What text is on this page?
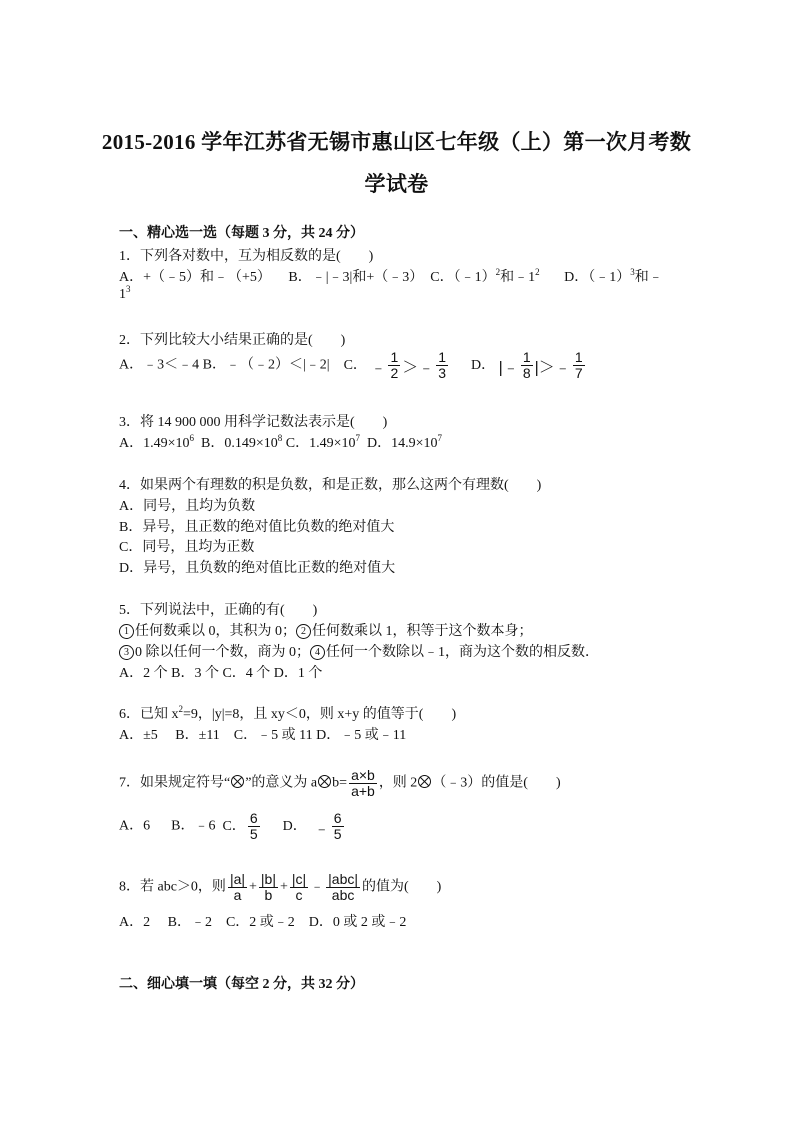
2015-2016 学年江苏省无锡市惠山区七年级（上）第一次月考数
学试卷
一、精心选一选（每题 3 分，共 24 分）
1．下列各对数中，互为相反数的是(　　)
A．+（﹣5）和﹣（+5） B．﹣|﹣3|和+（﹣3） C．（﹣1）$^2$和$﹣1^2$ D．（﹣1）$^3$和﹣
$1^3$
2．下列比较大小结果正确的是(　　)
A．﹣3＜﹣4 B．﹣（﹣2）＜|﹣2| C． ﹣ $\frac{1}{2}$ ＞﹣ $\frac{1}{3}$ D． |﹣ $\frac{1}{8}$ |＞﹣ $\frac{1}{7}$
3．将 14 900 000 用科学记数法表示是(　　)
A．$1.49\times 10^6$ B．$0.149\times 10^8$ C．$1.49\times 10^7$ D．$14.9\times 10^7$
4．如果两个有理数的积是负数，和是正数，那么这两个有理数(　　)
A．同号，且均为负数
B．异号，且正数的绝对值比负数的绝对值大
C．同号，且均为正数
D．异号，且负数的绝对值比正数的绝对值大
5．下列说法中，正确的有(　　)
1 任何数乘以 0，其积为 0； 2 任何数乘以 1，积等于这个数本身；
3 0 除以任何一个数，商为 0； 4 任何一个数除以﹣1，商为这个数的相反数．
A．2 个 B．3 个 C．4 个 D．1 个
6．已知 $x^2=9$，|y|=8，且 xy＜0，则 x+y 的值等于(　　)
A．±5　 B．±11　C．﹣5 或 11 D．﹣5 或﹣11
7．如果规定符号“ ”的意义为 a $b= \frac{a\times b}{a+b}$ ，则 2 （﹣3）的值是(　　)
A．6 B．﹣6 C． $\frac{6}{5}$ D． ﹣ $\frac{6}{5}$
8．若 abc＞0，则 $\frac{|a|}{a} + \frac{|b|}{b} + \frac{|c|}{c}$ ﹣ $\frac{\text{|abc|}}{\text{abc}}$ 的值为(　　)
A．2　 B．﹣2　C．2 或﹣2　D．0 或 2 或﹣2
二、细心填一填（每空 2 分，共 32 分）
